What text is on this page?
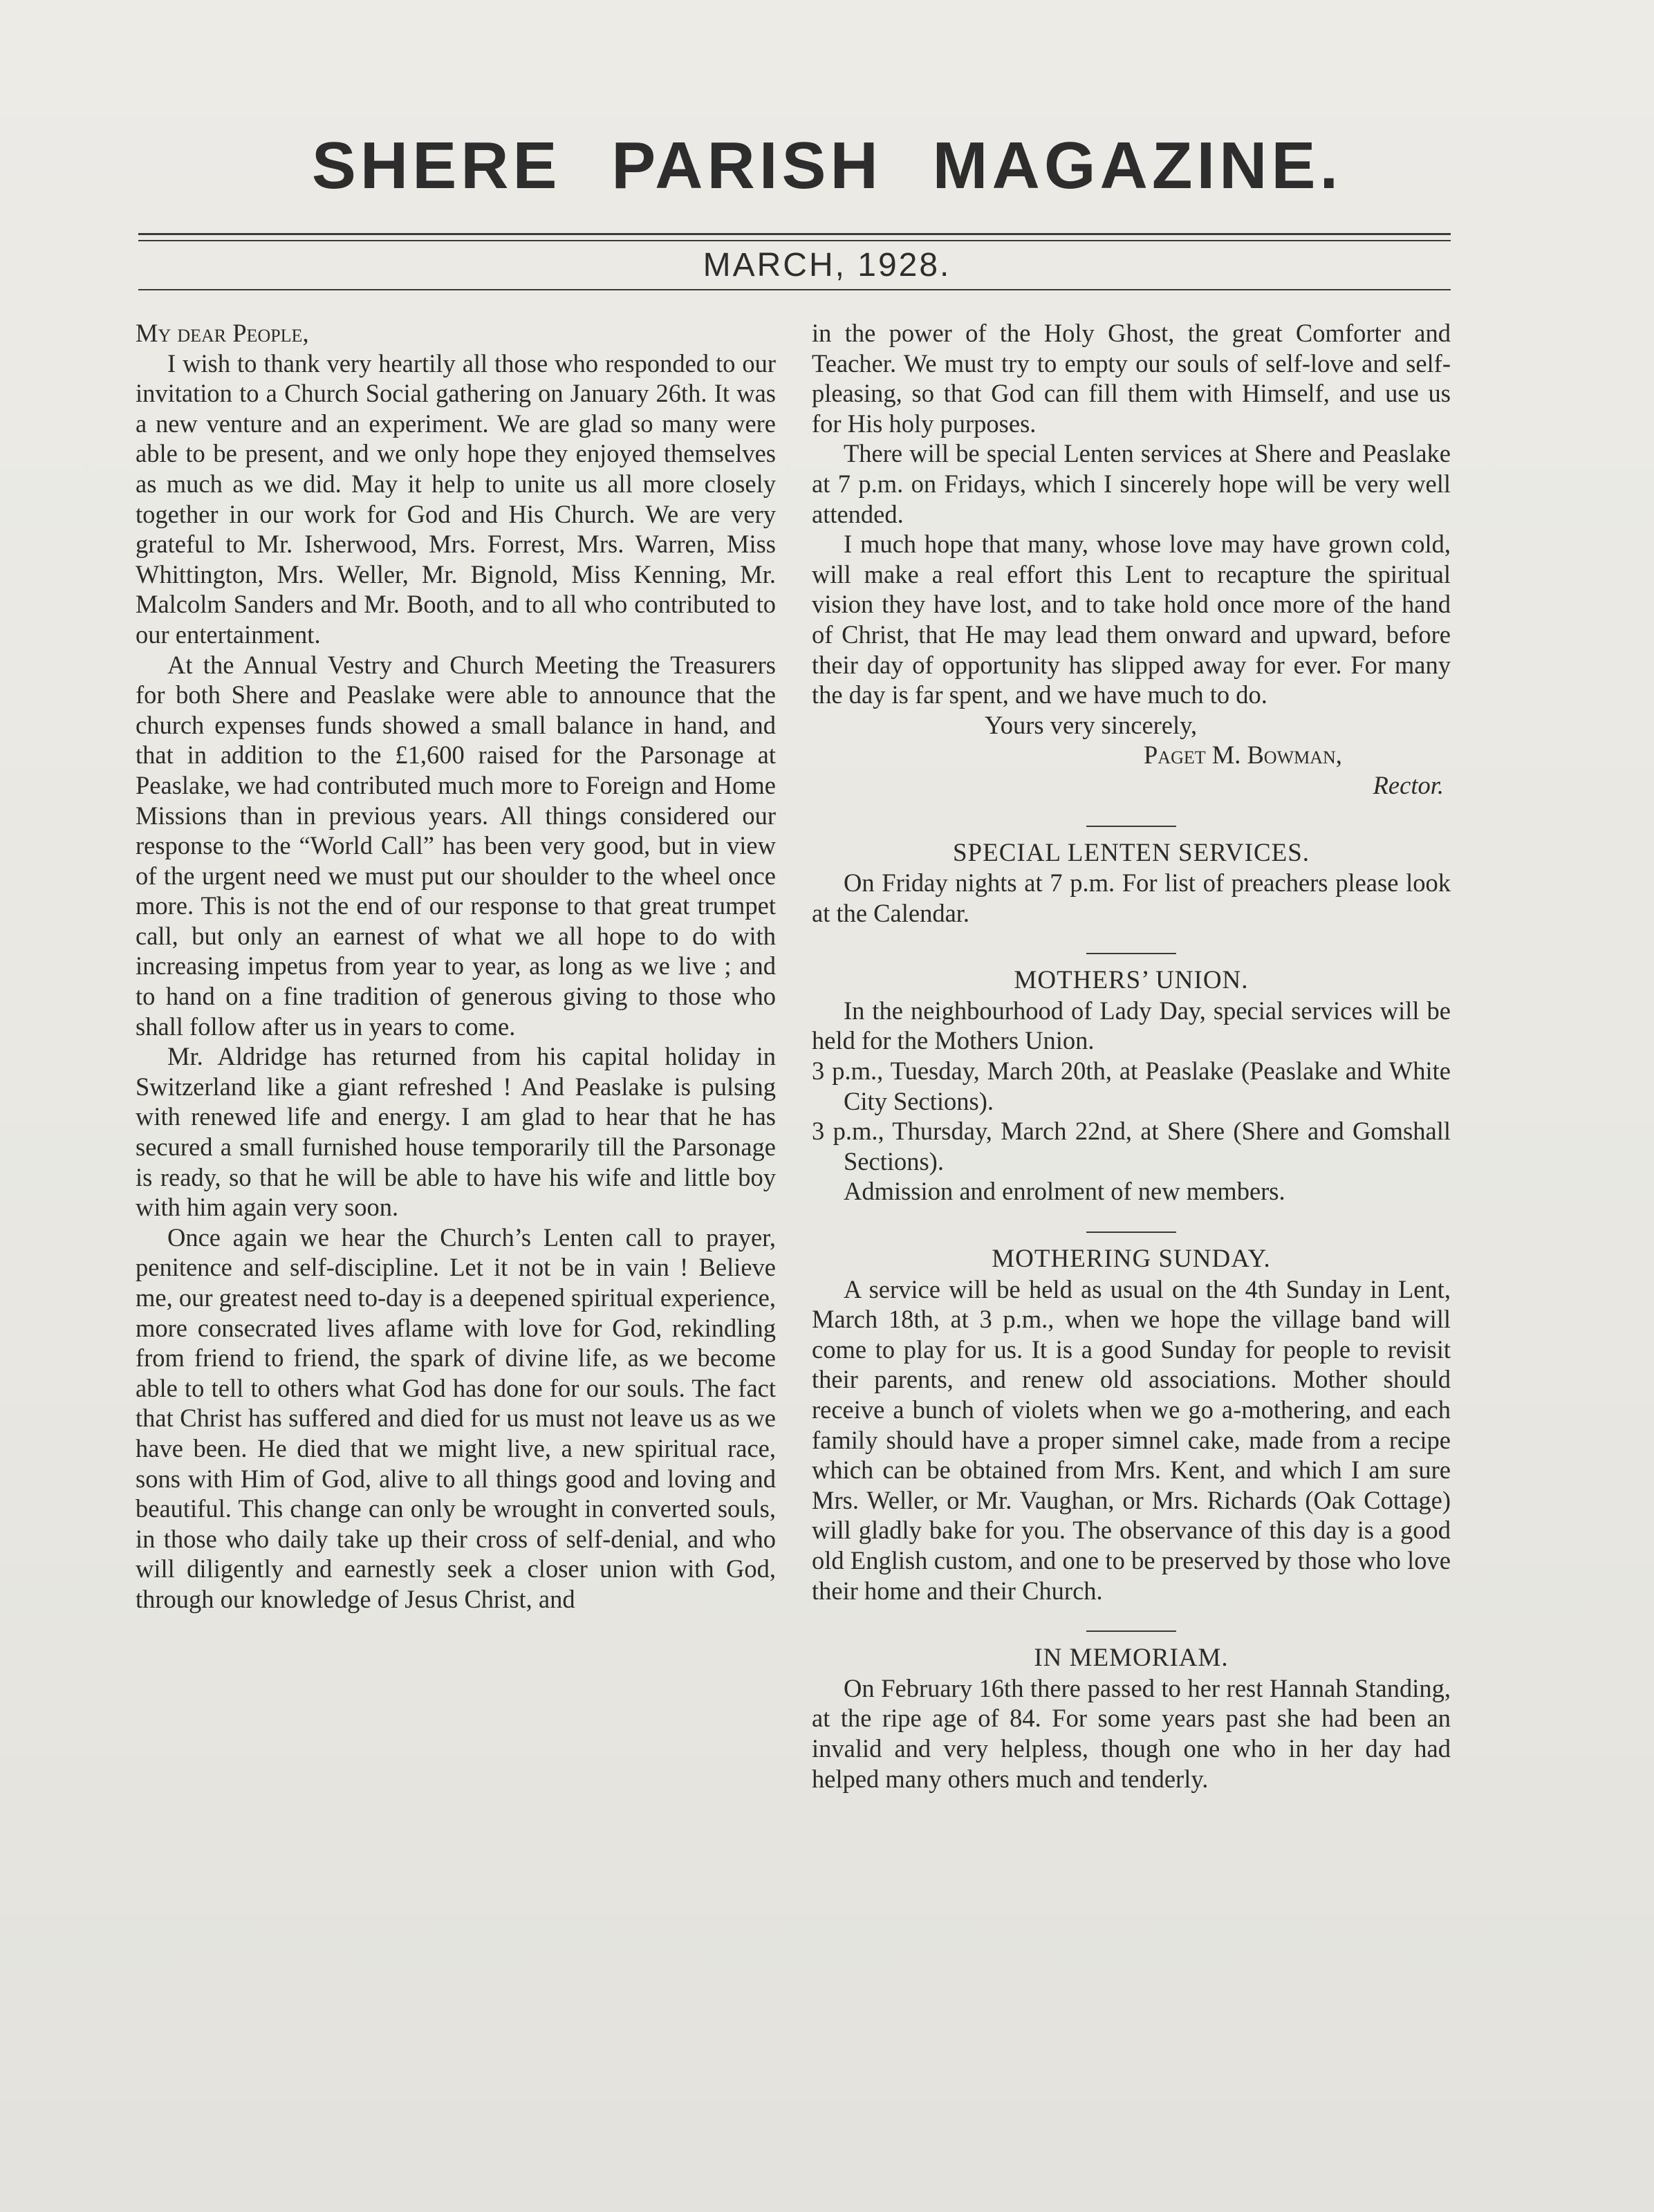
SHERE PARISH MAGAZINE.
MARCH, 1928.

My dear People,

I wish to thank very heartily all those who responded to our invitation to a Church Social gathering on January 26th. It was a new venture and an experiment. We are glad so many were able to be present, and we only hope they enjoyed themselves as much as we did. May it help to unite us all more closely together in our work for God and His Church. We are very grateful to Mr. Isherwood, Mrs. Forrest, Mrs. Warren, Miss Whittington, Mrs. Weller, Mr. Bignold, Miss Kenning, Mr. Malcolm Sanders and Mr. Booth, and to all who contributed to our entertainment.

At the Annual Vestry and Church Meeting the Treasurers for both Shere and Peaslake were able to announce that the church expenses funds showed a small balance in hand, and that in addition to the £1,600 raised for the Parsonage at Peaslake, we had contributed much more to Foreign and Home Missions than in previous years. All things considered our response to the “World Call” has been very good, but in view of the urgent need we must put our shoulder to the wheel once more. This is not the end of our response to that great trumpet call, but only an earnest of what we all hope to do with increasing impetus from year to year, as long as we live ; and to hand on a fine tradition of generous giving to those who shall follow after us in years to come.

Mr. Aldridge has returned from his capital holiday in Switzerland like a giant refreshed ! And Peaslake is pulsing with renewed life and energy. I am glad to hear that he has secured a small furnished house temporarily till the Parsonage is ready, so that he will be able to have his wife and little boy with him again very soon.

Once again we hear the Church’s Lenten call to prayer, penitence and self-discipline. Let it not be in vain ! Believe me, our greatest need to-day is a deepened spiritual experience, more consecrated lives aflame with love for God, rekindling from friend to friend, the spark of divine life, as we become able to tell to others what God has done for our souls. The fact that Christ has suffered and died for us must not leave us as we have been. He died that we might live, a new spiritual race, sons with Him of God, alive to all things good and loving and beautiful. This change can only be wrought in converted souls, in those who daily take up their cross of self-denial, and who will diligently and earnestly seek a closer union with God, through our knowledge of Jesus Christ, and

in the power of the Holy Ghost, the great Comforter and Teacher. We must try to empty our souls of self-love and self-pleasing, so that God can fill them with Himself, and use us for His holy purposes.

There will be special Lenten services at Shere and Peaslake at 7 p.m. on Fridays, which I sincerely hope will be very well attended.

I much hope that many, whose love may have grown cold, will make a real effort this Lent to recapture the spiritual vision they have lost, and to take hold once more of the hand of Christ, that He may lead them onward and upward, before their day of opportunity has slipped away for ever. For many the day is far spent, and we have much to do.

Yours very sincerely,

Paget M. Bowman,

Rector.

SPECIAL LENTEN SERVICES.

On Friday nights at 7 p.m. For list of preachers please look at the Calendar.

MOTHERS’ UNION.

In the neighbourhood of Lady Day, special services will be held for the Mothers Union.

3 p.m., Tuesday, March 20th, at Peaslake (Peaslake and White City Sections).

3 p.m., Thursday, March 22nd, at Shere (Shere and Gomshall Sections).

Admission and enrolment of new members.

MOTHERING SUNDAY.

A service will be held as usual on the 4th Sunday in Lent, March 18th, at 3 p.m., when we hope the village band will come to play for us. It is a good Sunday for people to revisit their parents, and renew old associations. Mother should receive a bunch of violets when we go a-mothering, and each family should have a proper simnel cake, made from a recipe which can be obtained from Mrs. Kent, and which I am sure Mrs. Weller, or Mr. Vaughan, or Mrs. Richards (Oak Cottage) will gladly bake for you. The observance of this day is a good old English custom, and one to be preserved by those who love their home and their Church.

IN MEMORIAM.

On February 16th there passed to her rest Hannah Standing, at the ripe age of 84. For some years past she had been an invalid and very helpless, though one who in her day had helped many others much and tenderly.
